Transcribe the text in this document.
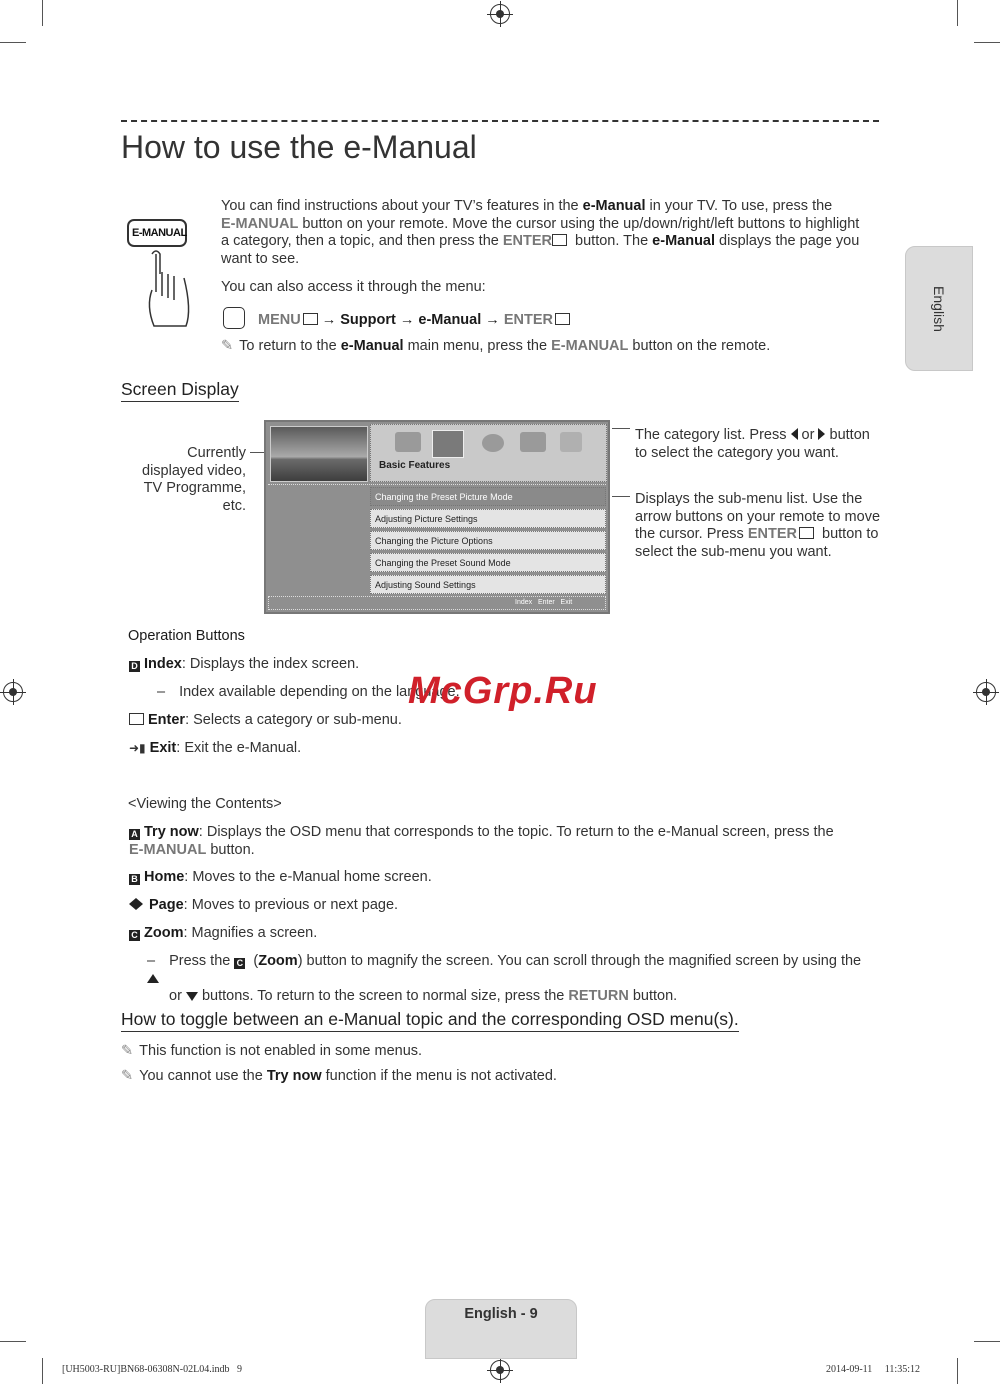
English
How to use the e-Manual
E-MANUAL
You can find instructions about your TV’s features in the e-Manual in your TV. To use, press the
E-MANUAL button on your remote. Move the cursor using the up/down/right/left buttons to highlight
a category, then a topic, and then press the ENTER button. The e-Manual displays the page you
want to see.
You can also access it through the menu:
MENU → Support → e-Manual → ENTER
✎ To return to the e-Manual main menu, press the E-MANUAL button on the remote.
Screen Display
Currently
displayed video,
TV Programme,
etc.
Basic Features
Changing the Preset Picture Mode
Adjusting Picture Settings
Changing the Picture Options
Changing the Preset Sound Mode
Adjusting Sound Settings
Index   Enter   Exit
The category list. Press  or  button
to select the category you want.
Displays the sub-menu list. Use the
arrow buttons on your remote to move
the cursor. Press ENTER button to
select the sub-menu you want.
Operation Buttons
D Index: Displays the index screen.
– Index available depending on the language.
Enter: Selects a category or sub-menu.
➜▮ Exit: Exit the e-Manual.
<Viewing the Contents>
A Try now: Displays the OSD menu that corresponds to the topic. To return to the e-Manual screen, press the
E-MANUAL button.
B Home: Moves to the e-Manual home screen.
Page: Moves to previous or next page.
C Zoom: Magnifies a screen.
– Press the C (Zoom) button to magnify the screen. You can scroll through the magnified screen by using the
or  buttons. To return to the screen to normal size, press the RETURN button.
How to toggle between an e-Manual topic and the corresponding OSD menu(s).
✎ This function is not enabled in some menus.
✎ You cannot use the Try now function if the menu is not activated.
McGrp.Ru
English - 9
[UH5003-RU]BN68-06308N-02L04.indb   9	2014-09-11     11:35:12
